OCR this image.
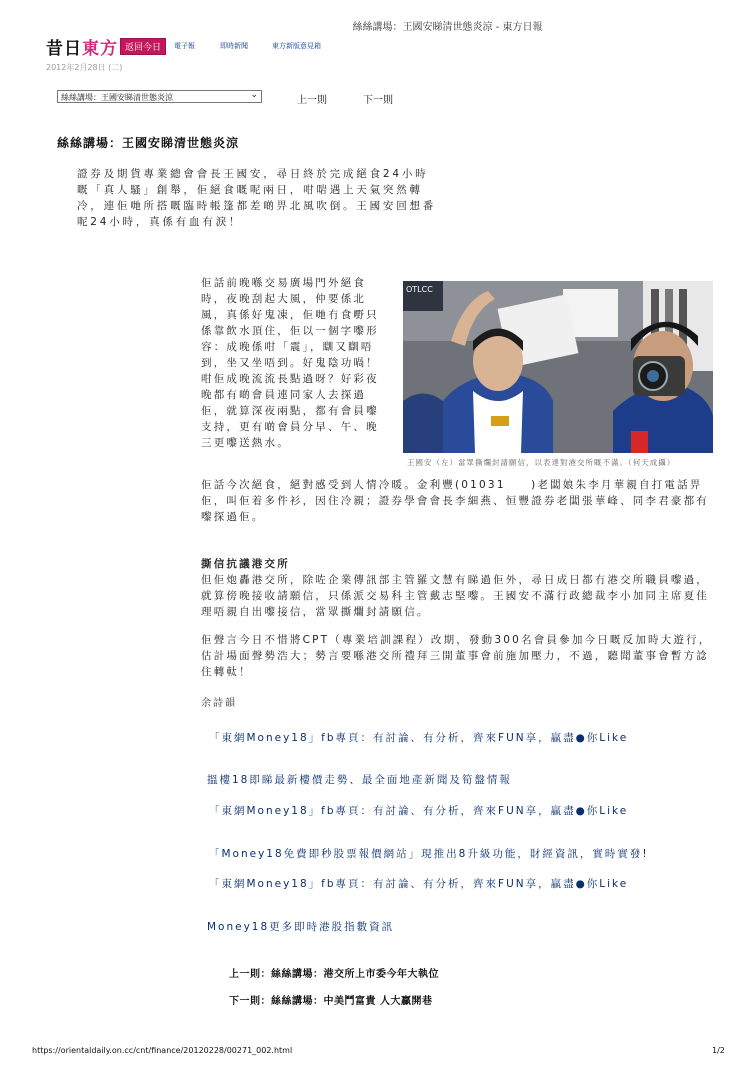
絲絲講場：王國安睇清世態炎涼 - 東方日報
昔日東方 返回今日	電子報	即時新聞	東方新版意見箱
2012年2月28日 (二)
絲絲講場：王國安睇清世態炎涼	⌄	上一則	下一則
絲絲講場：王國安睇清世態炎涼
證券及期貨專業總會會長王國安，尋日終於完成絕食24小時嘅「真人騷」創舉，佢絕食嘅呢兩日，咁啱遇上天氣突然轉冷，連佢哋所搭嘅臨時帳篷都差啲畀北風吹倒。王國安回想番呢24小時，真係有血有淚！
佢話前晚喺交易廣場門外絕食時，夜晚刮起大風，仲要係北風，真係好鬼凍，佢哋冇食嘢只係靠飲水頂住，佢以一個字嚟形容：成晚係咁「震」，瞓又瞓唔到，坐又坐唔到。好鬼陰功喎！咁佢成晚流流長點過呀？好彩夜晚都有啲會員連同家人去探過佢，就算深夜兩點，都有會員嚟支持，更有啲會員分早、午、晚三更嚟送熱水。
OTLCC
王國安（左）當眾撕爛封請願信，以表達對港交所嘅不滿。（何天成攝）
佢話今次絕食，絕對感受到人情冷暖。金利豐(01031　　)老闆娘朱李月華親自打電話畀佢，叫佢着多件衫，因住冷親；證券學會會長李細燕、恒豐證券老闆張華峰、同李君豪都有嚟探過佢。
撕信抗議港交所
但佢炮轟港交所，除咗企業傳訊部主管羅文慧有睇過佢外，尋日成日都冇港交所職員嚟過，就算傍晚接收請願信，只係派交易科主管戴志堅嚟。王國安不滿行政總裁李小加同主席夏佳理唔親自出嚟接信，當眾撕爛封請願信。
佢聲言今日不惜將CPT（專業培訓課程）改期，發動300名會員參加今日嘅反加時大遊行，估計場面聲勢浩大；勢言要喺港交所禮拜三開董事會前施加壓力，不過，聽聞董事會暫方諗住轉軚！
余詩韻
「東網Money18」fb專頁：有討論、有分析，齊來FUN享，贏盡●你Like
搵樓18即睇最新樓價走勢、最全面地產新聞及筍盤情報
「東網Money18」fb專頁：有討論、有分析，齊來FUN享，贏盡●你Like
「Money18免費即秒股票報價網站」現推出8升級功能，財經資訊，實時實發!
「東網Money18」fb專頁：有討論、有分析，齊來FUN享，贏盡●你Like
Money18更多即時港股指數資訊
上一則：絲絲講場：港交所上市委今年大執位
下一則：絲絲講場：中美鬥富貴 人大贏開巷
https://orientaldaily.on.cc/cnt/finance/20120228/00271_002.html	1/2
